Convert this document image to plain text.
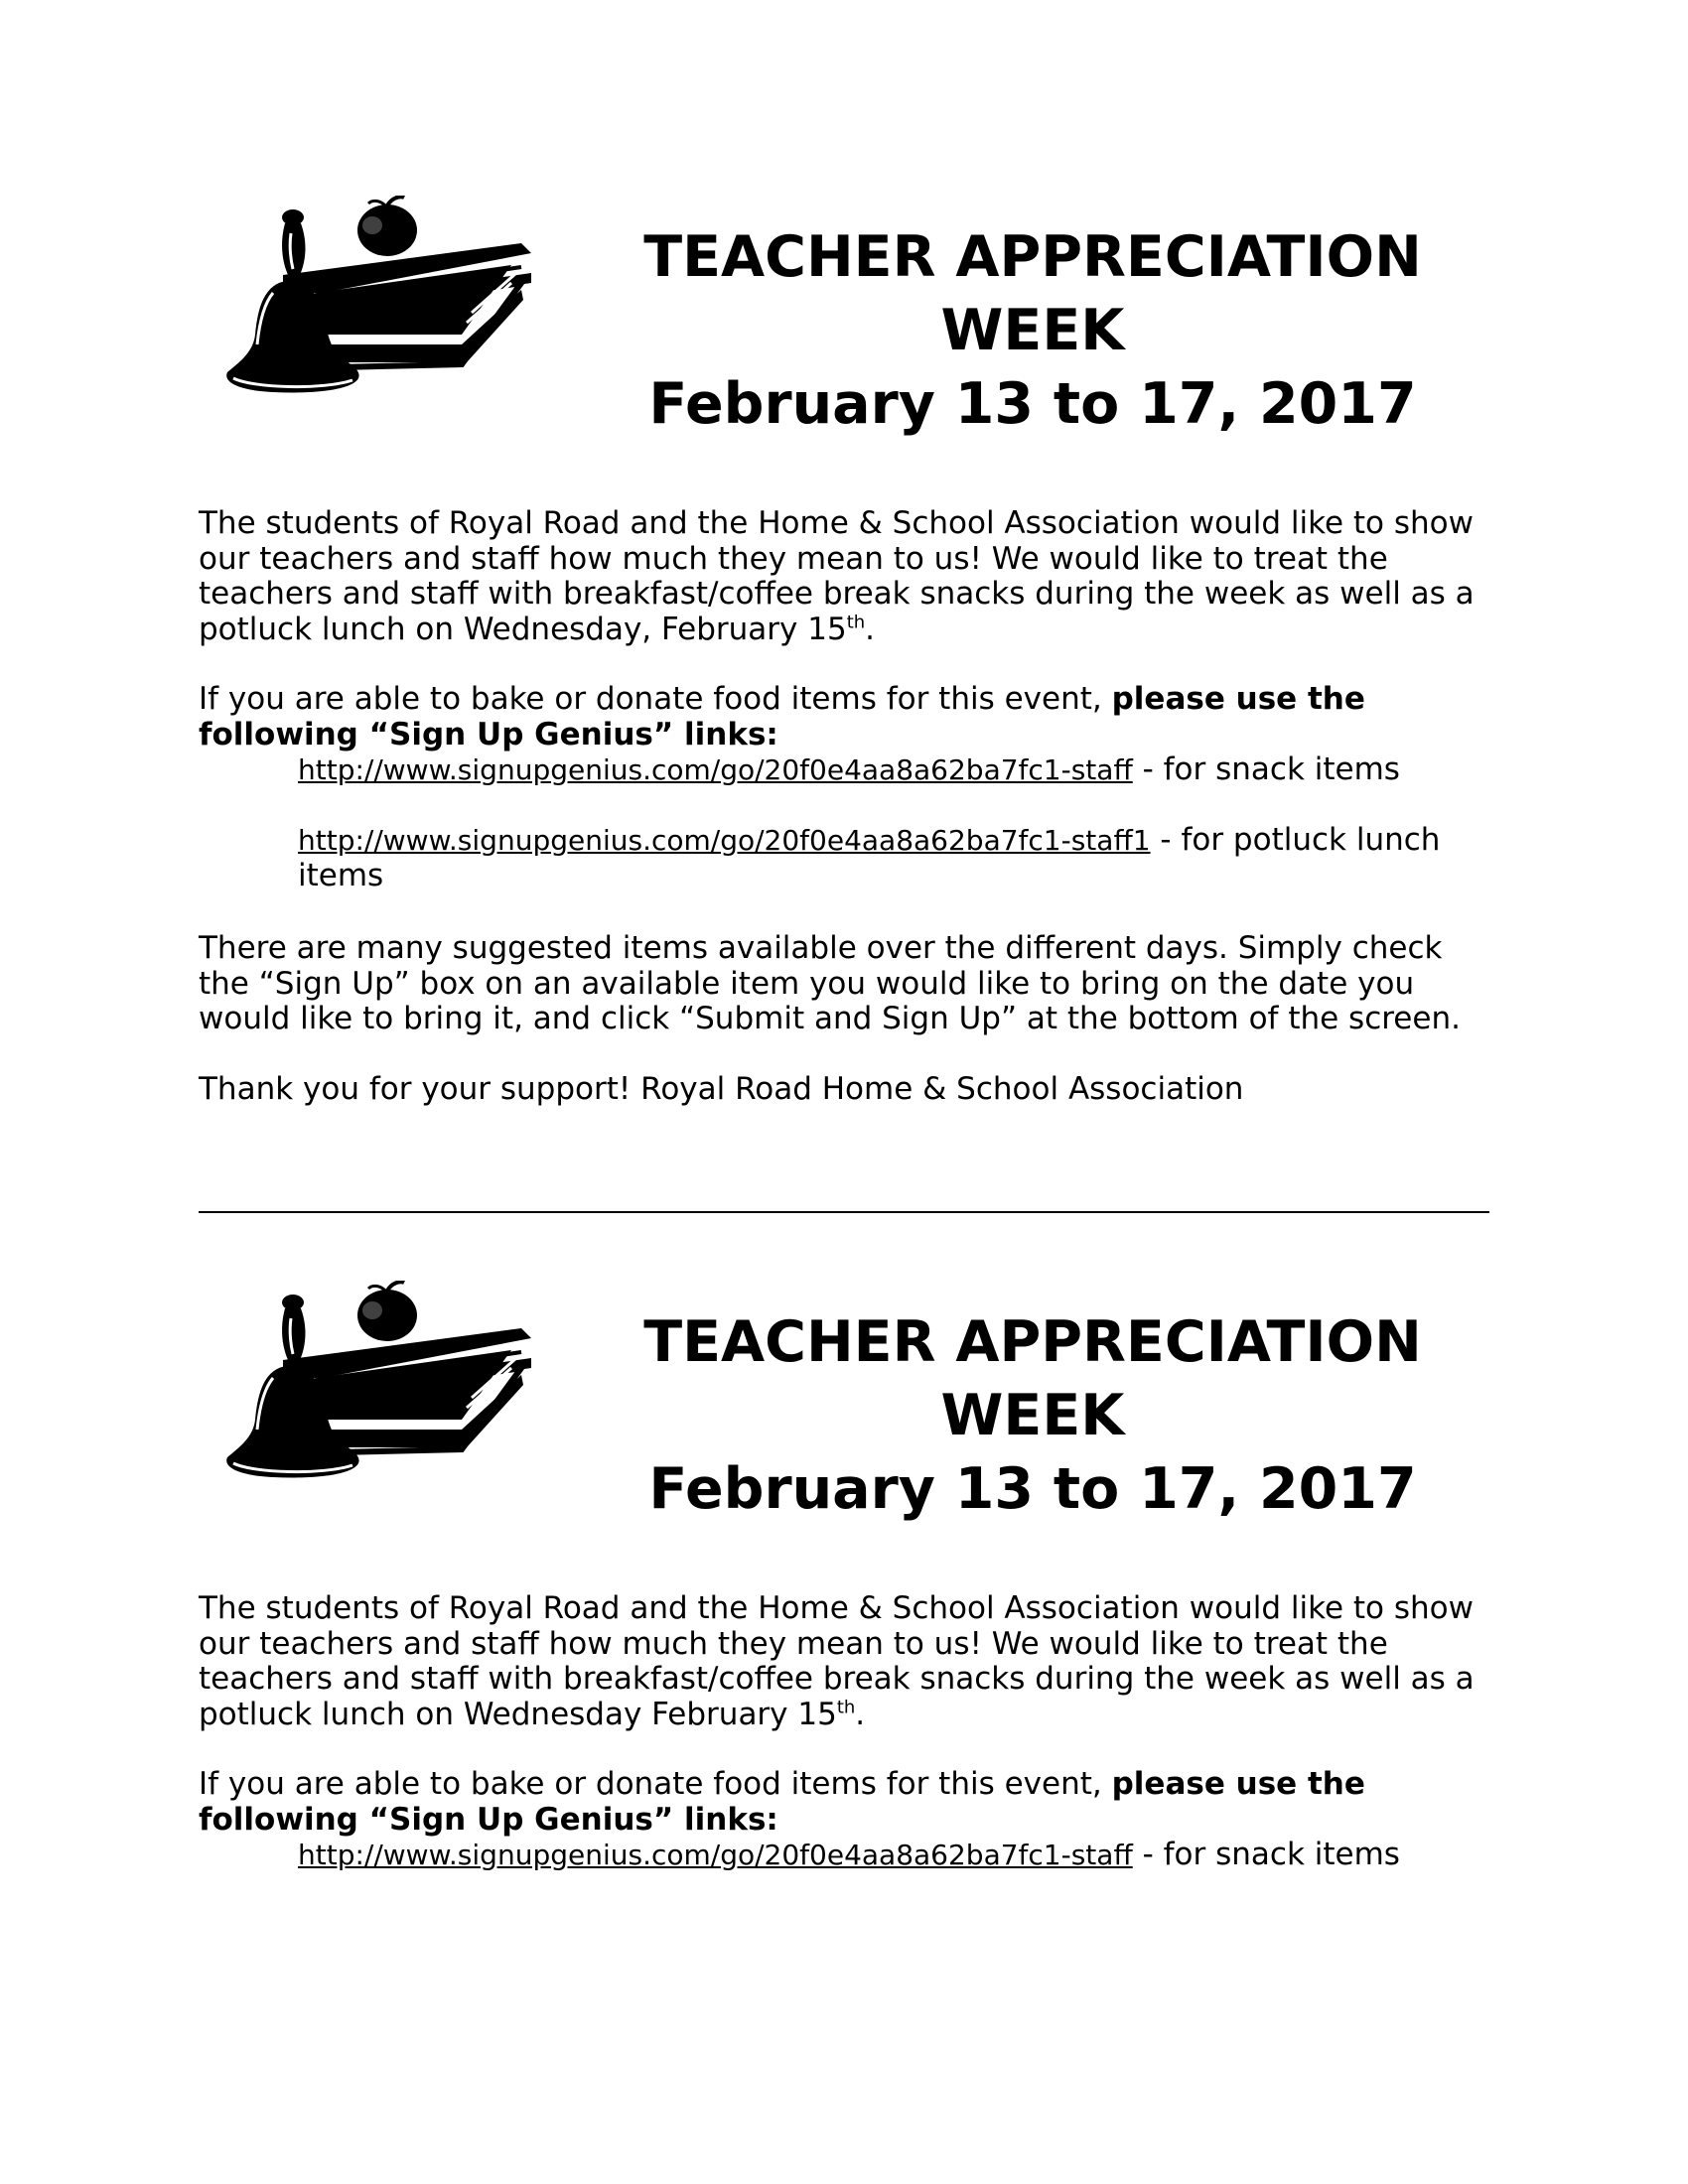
TEACHER APPRECIATION
WEEK
February 13 to 17, 2017
The students of Royal Road and the Home & School Association would like to show our teachers and staff how much they mean to us! We would like to treat the teachers and staff with breakfast/coffee break snacks during the week as well as a potluck lunch on Wednesday, February 15th.
If you are able to bake or donate food items for this event, please use the following “Sign Up Genius” links:
http://www.signupgenius.com/go/20f0e4aa8a62ba7fc1-staff - for snack items
http://www.signupgenius.com/go/20f0e4aa8a62ba7fc1-staff1 - for potluck lunch items
There are many suggested items available over the different days. Simply check the “Sign Up” box on an available item you would like to bring on the date you would like to bring it, and click “Submit and Sign Up” at the bottom of the screen.
Thank you for your support! Royal Road Home & School Association
TEACHER APPRECIATION
WEEK
February 13 to 17, 2017
The students of Royal Road and the Home & School Association would like to show our teachers and staff how much they mean to us! We would like to treat the teachers and staff with breakfast/coffee break snacks during the week as well as a potluck lunch on Wednesday February 15th.
If you are able to bake or donate food items for this event, please use the following “Sign Up Genius” links:
http://www.signupgenius.com/go/20f0e4aa8a62ba7fc1-staff - for snack items
